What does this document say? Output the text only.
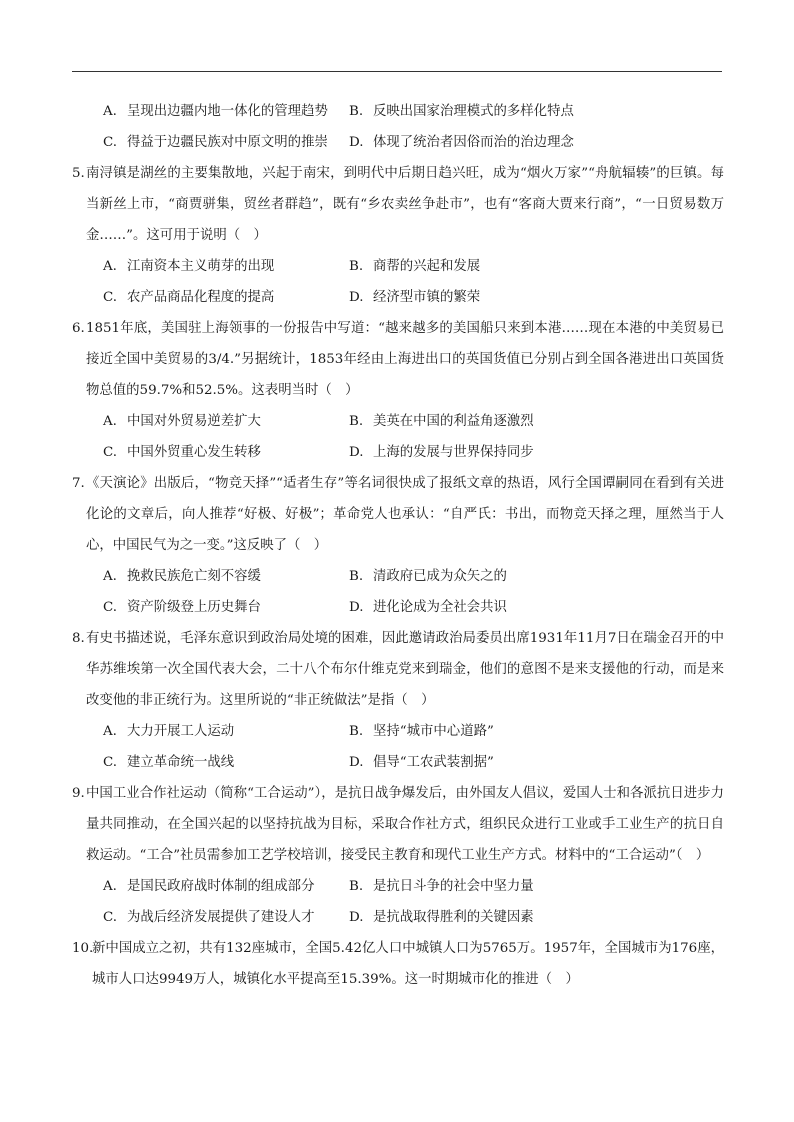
A. 呈现出边疆内地一体化的管理趋势	B. 反映出国家治理模式的多样化特点
C. 得益于边疆民族对中原文明的推崇	D. 体现了统治者因俗而治的治边理念
5. 南浔镇是湖丝的主要集散地，兴起于南宋，到明代中后期日趋兴旺，成为“烟火万家”“舟航辐辏”的巨镇。每当新丝上市，“商贾骈集，贸丝者群趋”，既有“乡农卖丝争赴市”，也有“客商大贾来行商”，“一日贸易数万金……”。这可用于说明（　）
A. 江南资本主义萌芽的出现	B. 商帮的兴起和发展
C. 农产品商品化程度的提高	D. 经济型市镇的繁荣
6. 1851年底，美国驻上海领事的一份报告中写道：“越来越多的美国船只来到本港……现在本港的中美贸易已接近全国中美贸易的3/4.”另据统计，1853年经由上海进出口的英国货值已分别占到全国各港进出口英国货物总值的59.7%和52.5%。这表明当时（　）
A. 中国对外贸易逆差扩大	B. 美英在中国的利益角逐激烈
C. 中国外贸重心发生转移	D. 上海的发展与世界保持同步
7. 《天演论》出版后，“物竞天择”“适者生存”等名词很快成了报纸文章的热语，风行全国谭嗣同在看到有关进化论的文章后，向人推荐“好极、好极”；革命党人也承认：“自严氏：书出，而物竞天择之理，厘然当于人心，中国民气为之一变。”这反映了（　）
A. 挽救民族危亡刻不容缓	B. 清政府已成为众矢之的
C. 资产阶级登上历史舞台	D. 进化论成为全社会共识
8. 有史书描述说，毛泽东意识到政治局处境的困难，因此邀请政治局委员出席1931年11月7日在瑞金召开的中华苏维埃第一次全国代表大会，二十八个布尔什维克党来到瑞金，他们的意图不是来支援他的行动，而是来改变他的非正统行为。这里所说的“非正统做法”是指（　）
A. 大力开展工人运动	B. 坚持“城市中心道路”
C. 建立革命统一战线	D. 倡导“工农武装割据”
9. 中国工业合作社运动（简称“工合运动”），是抗日战争爆发后，由外国友人倡议，爱国人士和各派抗日进步力量共同推动，在全国兴起的以坚持抗战为目标，采取合作社方式，组织民众进行工业或手工业生产的抗日自救运动。“工合”社员需参加工艺学校培训，接受民主教育和现代工业生产方式。材料中的“工合运动”（　）
A. 是国民政府战时体制的组成部分	B. 是抗日斗争的社会中坚力量
C. 为战后经济发展提供了建设人才	D. 是抗战取得胜利的关键因素
10.
新中国成立之初，共有132座城市，全国5.42亿人口中城镇人口为5765万。1957年，全国城市为176座，城市人口达9949万人，城镇化水平提高至15.39%。这一时期城市化的推进（　）
